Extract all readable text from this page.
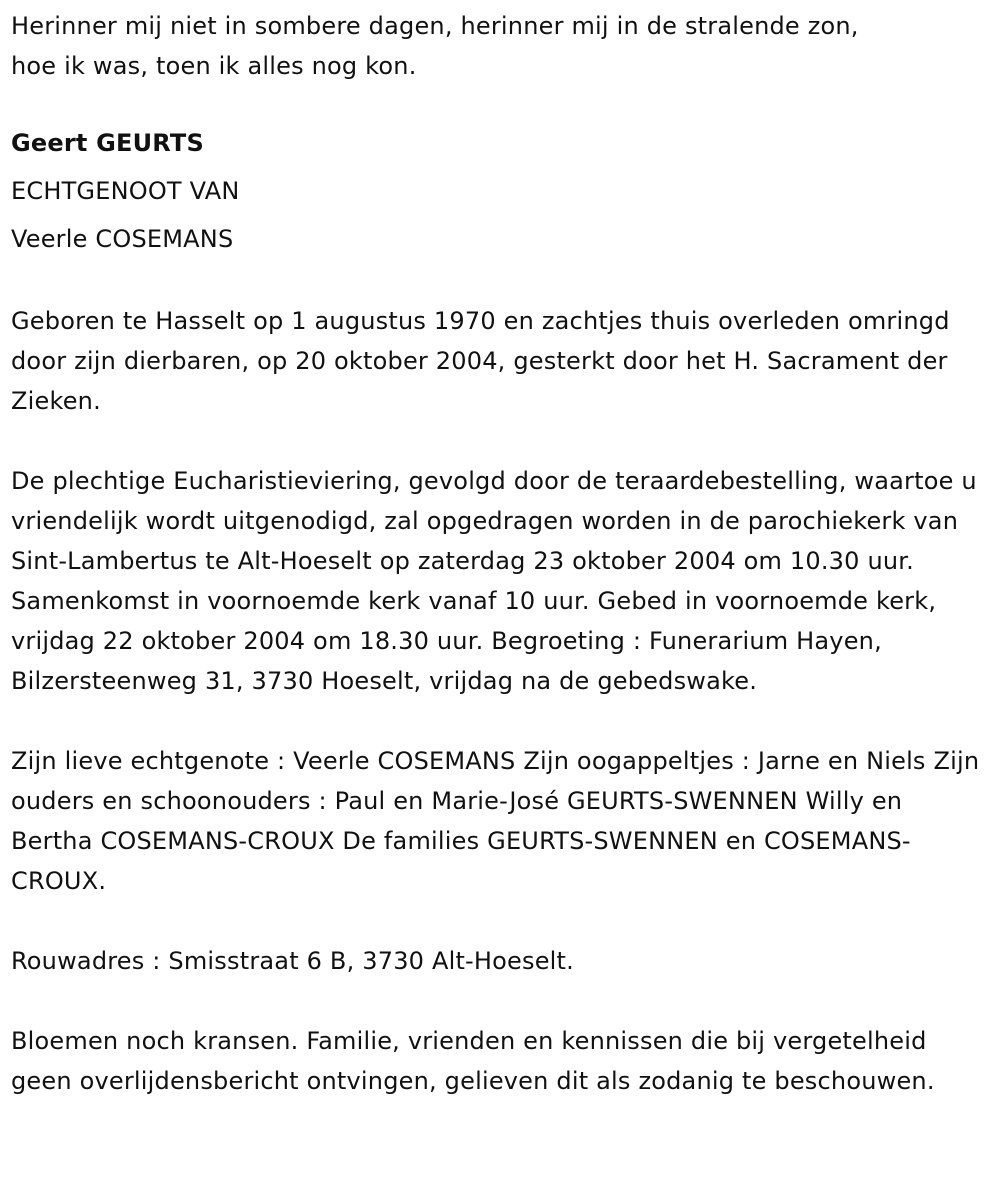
Herinner mij niet in sombere dagen, herinner mij in de stralende zon,
hoe ik was, toen ik alles nog kon.

Geert GEURTS

ECHTGENOOT VAN

Veerle COSEMANS

Geboren te Hasselt op 1 augustus 1970 en zachtjes thuis overleden omringd door zijn dierbaren, op 20 oktober 2004, gesterkt door het H. Sacrament der Zieken.

De plechtige Eucharistieviering, gevolgd door de teraardebestelling, waartoe u vriendelijk wordt uitgenodigd, zal opgedragen worden in de parochiekerk van Sint-Lambertus te Alt-Hoeselt op zaterdag 23 oktober 2004 om 10.30 uur. Samenkomst in voornoemde kerk vanaf 10 uur. Gebed in voornoemde kerk, vrijdag 22 oktober 2004 om 18.30 uur. Begroeting : Funerarium Hayen, Bilzersteenweg 31, 3730 Hoeselt, vrijdag na de gebedswake.

Zijn lieve echtgenote : Veerle COSEMANS Zijn oogappeltjes : Jarne en Niels Zijn ouders en schoonouders : Paul en Marie-José GEURTS-SWENNEN Willy en Bertha COSEMANS-CROUX De families GEURTS-SWENNEN en COSEMANS-CROUX.

Rouwadres : Smisstraat 6 B, 3730 Alt-Hoeselt.

Bloemen noch kransen. Familie, vrienden en kennissen die bij vergetelheid geen overlijdensbericht ontvingen, gelieven dit als zodanig te beschouwen.
